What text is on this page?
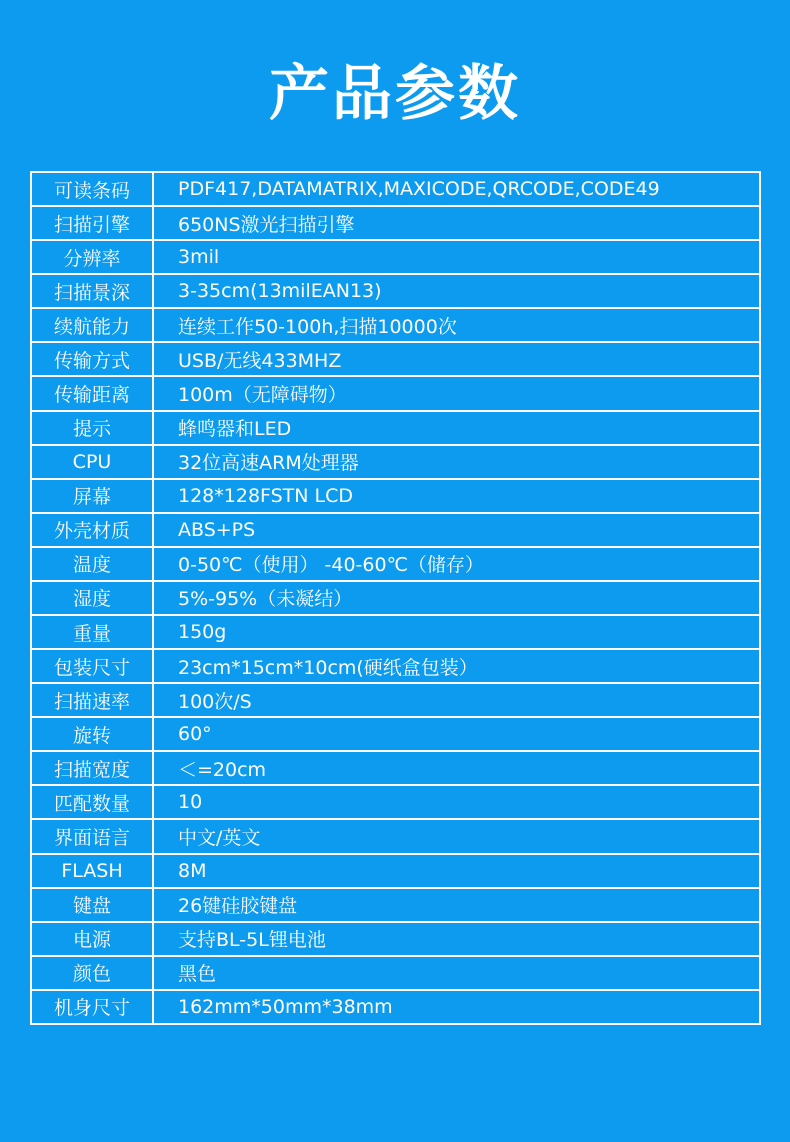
产品参数
可读条码	PDF417,DATAMATRIX,MAXICODE,QRCODE,CODE49
扫描引擎	650NS激光扫描引擎
分辨率	3mil
扫描景深	3-35cm(13milEAN13)
续航能力	连续工作50-100h,扫描10000次
传输方式	USB/无线433MHZ
传输距离	100m（无障碍物）
提示	蜂鸣器和LED
CPU	32位高速ARM处理器
屏幕	128*128FSTN LCD
外壳材质	ABS+PS
温度	0-50℃（使用） -40-60℃（储存）
湿度	5%-95%（未凝结）
重量	150g
包装尺寸	23cm*15cm*10cm(硬纸盒包装）
扫描速率	100次/S
旋转	60°
扫描宽度	＜=20cm
匹配数量	10
界面语言	中文/英文
FLASH	8M
键盘	26键硅胶键盘
电源	支持BL-5L锂电池
颜色	黑色
机身尺寸	162mm*50mm*38mm
